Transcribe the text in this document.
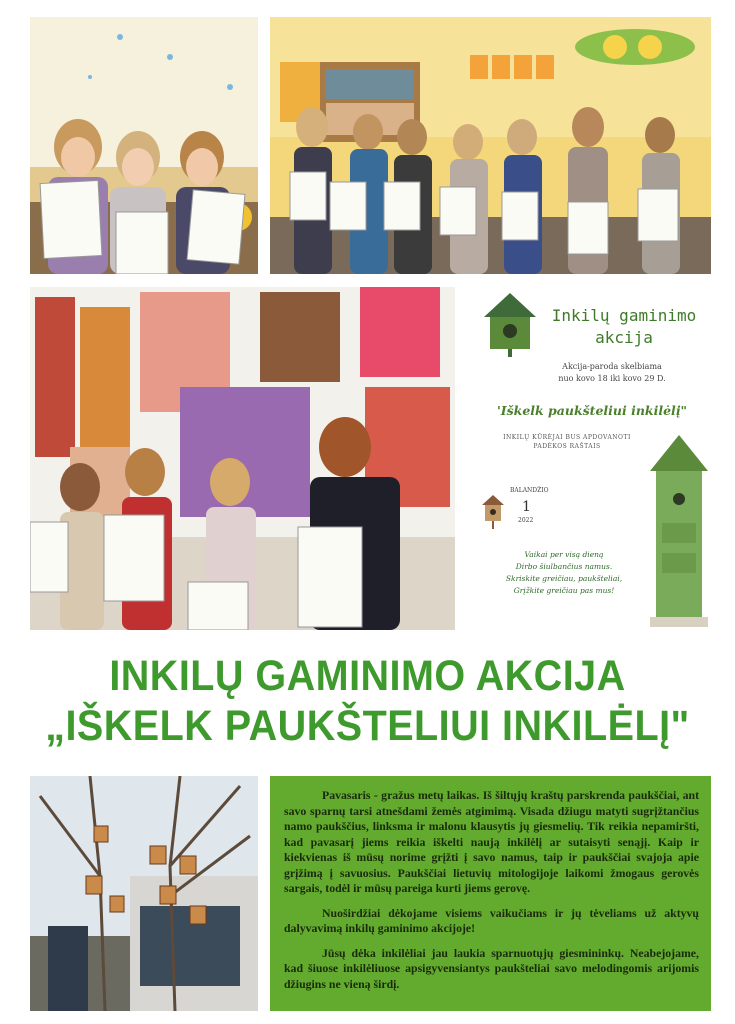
Inkilų gaminimo akcija
Akcija-paroda skelbiama
nuo kovo 18 iki kovo 29 D.
'Iškelk paukšteliui inkilėlį"
INKILŲ KŪRĖJAI BUS APDOVANOTI
PADĖKOS RAŠTAIS
BALANDŽIO
1
2022
Vaikai per visą dieną
Dirbo šiulbančius namus.
Skriskite greičiau, paukšteliai,
Grįžkite greičiau pas mus!
INKILŲ GAMINIMO AKCIJA
„IŠKELK PAUKŠTELIUI INKILĖLĮ"

Pavasaris - gražus metų laikas. Iš šiltųjų kraštų parskrenda paukščiai, ant savo sparnų tarsi atnešdami žemės atgimimą. Visada džiugu matyti sugrįžtančius namo paukščius, linksma ir malonu klausytis jų giesmelių. Tik reikia nepamiršti, kad pavasarį jiems reikia iškelti naują inkilėlį ar sutaisyti senąjį. Kaip ir kiekvienas iš mūsų norime grįžti į savo namus, taip ir paukščiai svajoja apie grįžimą į savuosius. Paukščiai lietuvių mitologijoje laikomi žmogaus gerovės sargais, todėl ir mūsų pareiga kurti jiems gerovę.

Nuoširdžiai dėkojame visiems vaikučiams ir jų tėveliams už aktyvų dalyvavimą inkilų gaminimo akcijoje!

Jūsų dėka inkilėliai jau laukia sparnuotųjų giesmininkų. Neabejojame, kad šiuose inkilėliuose apsigyvensiantys paukšteliai savo melodingomis arijomis džiugins ne vieną širdį.
